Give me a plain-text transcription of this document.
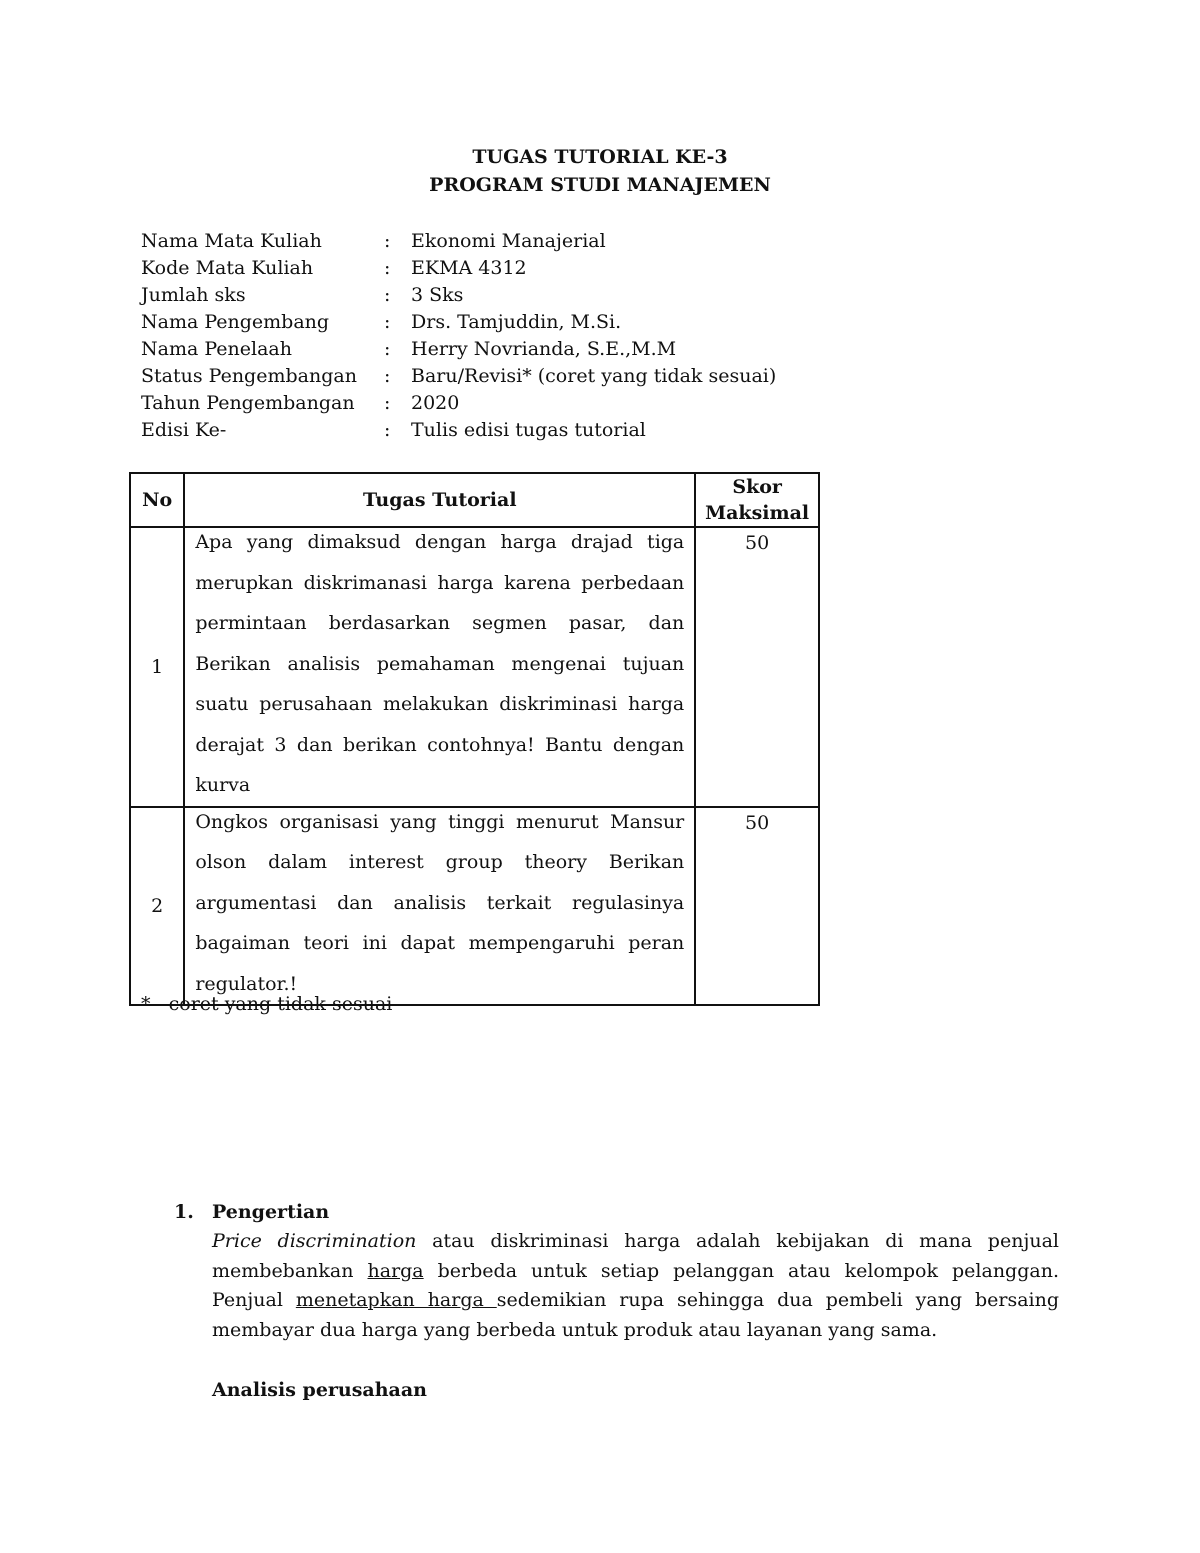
TUGAS TUTORIAL KE-3
PROGRAM STUDI MANAJEMEN
Nama Mata Kuliah	: Ekonomi Manajerial
Kode Mata Kuliah	: EKMA 4312
Jumlah sks	: 3 Sks
Nama Pengembang	: Drs. Tamjuddin, M.Si.
Nama Penelaah	: Herry Novrianda, S.E.,M.M
Status Pengembangan : Baru/Revisi* (coret yang tidak sesuai)
Tahun Pengembangan : 2020
Edisi Ke-	: Tulis edisi tugas tutorial
No	Tugas Tutorial	Skor Maksimal
1	Apa yang dimaksud dengan harga drajad tiga merupkan diskrimanasi harga karena perbedaan permintaan berdasarkan segmen pasar, dan Berikan analisis pemahaman mengenai tujuan suatu perusahaan melakukan diskriminasi harga derajat 3 dan berikan contohnya! Bantu dengan kurva	50
2	Ongkos organisasi yang tinggi menurut Mansur olson dalam interest group theory Berikan argumentasi dan analisis terkait regulasinya bagaiman teori ini dapat mempengaruhi peran regulator.!	50
*   coret yang tidak sesuai
1. Pengertian
Price discrimination atau diskriminasi harga adalah kebijakan di mana penjual membebankan harga berbeda untuk setiap pelanggan atau kelompok pelanggan. Penjual menetapkan harga sedemikian rupa sehingga dua pembeli yang bersaing membayar dua harga yang berbeda untuk produk atau layanan yang sama.
Analisis perusahaan
